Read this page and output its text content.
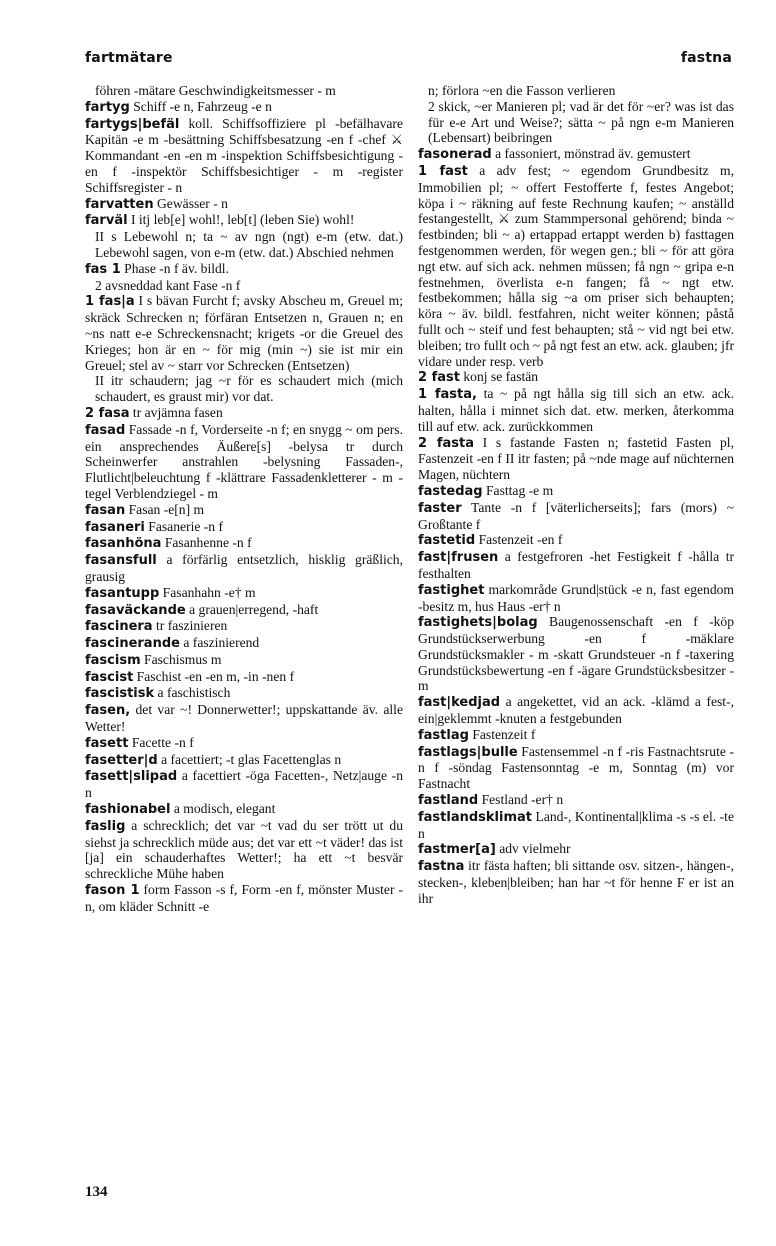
fartmätare	fastna

föhren -mätare Geschwindigkeitsmesser - m

fartyg Schiff -e n, Fahrzeug -e n

fartygs|befäl koll. Schiffsoffiziere pl -befälhavare Kapitän -e m -besättning Schiffsbesatzung -en f -chef ⚔ Kommandant -en -en m -inspektion Schiffsbesichtigung -en f -inspektör Schiffsbesichtiger - m -register Schiffsregister - n

farvatten Gewässer - n

farväl I itj leb[e] wohl!, leb[t] (leben Sie) wohl!

II s Lebewohl n; ta ~ av ngn (ngt) e-m (etw. dat.) Lebewohl sagen, von e-m (etw. dat.) Abschied nehmen

fas 1 Phase -n f äv. bildl.

2 avsneddad kant Fase -n f

1 fas|a I s bävan Furcht f; avsky Abscheu m, Greuel m; skräck Schrecken n; förfäran Entsetzen n, Grauen n; en ~ns natt e-e Schreckensnacht; krigets -or die Greuel des Krieges; hon är en ~ för mig (min ~) sie ist mir ein Greuel; stel av ~ starr vor Schrecken (Entsetzen)

II itr schaudern; jag ~r för es schaudert mich (mich schaudert, es graust mir) vor dat.

2 fasa tr avjämna fasen

fasad Fassade -n f, Vorderseite -n f; en snygg ~ om pers. ein ansprechendes Äußere[s] -belysa tr durch Scheinwerfer anstrahlen -belysning Fassaden-, Flutlicht|beleuchtung f -klättrare Fassadenkletterer - m -tegel Verblendziegel - m

fasan Fasan -e[n] m

fasaneri Fasanerie -n f

fasanhöna Fasanhenne -n f

fasansfull a förfärlig entsetzlich, hisklig gräßlich, grausig

fasantupp Fasanhahn -e† m

fasaväckande a grauen|erregend, -haft

fascinera tr faszinieren

fascinerande a faszinierend

fascism Faschismus m

fascist Faschist -en -en m, -in -nen f

fascistisk a faschistisch

fasen, det var ~! Donnerwetter!; uppskattande äv. alle Wetter!

fasett Facette -n f

fasetter|d a facettiert; -t glas Facettenglas n

fasett|slipad a facettiert -öga Facetten-, Netz|auge -n n

fashionabel a modisch, elegant

faslig a schrecklich; det var ~t vad du ser trött ut du siehst ja schrecklich müde aus; det var ett ~t väder! das ist [ja] ein schauderhaftes Wetter!; ha ett ~t besvär schreckliche Mühe haben

fason 1 form Fasson -s f, Form -en f, mönster Muster - n, om kläder Schnitt -e

n; förlora ~en die Fasson verlieren

2 skick, ~er Manieren pl; vad är det för ~er? was ist das für e-e Art und Weise?; sätta ~ på ngn e-m Manieren (Lebensart) beibringen

fasonerad a fassoniert, mönstrad äv. gemustert

1 fast a adv fest; ~ egendom Grundbesitz m, Immobilien pl; ~ offert Festofferte f, festes Angebot; köpa i ~ räkning auf feste Rechnung kaufen; ~ anställd festangestellt, ⚔ zum Stammpersonal gehörend; binda ~ festbinden; bli ~ a) ertappad ertappt werden b) fasttagen festgenommen werden, för wegen gen.; bli ~ för att göra ngt etw. auf sich ack. nehmen müssen; få ngn ~ gripa e-n festnehmen, överlista e-n fangen; få ~ ngt etw. festbekommen; hålla sig ~a om priser sich behaupten; köra ~ äv. bildl. festfahren, nicht weiter können; påstå fullt och ~ steif und fest behaupten; stå ~ vid ngt bei etw. bleiben; tro fullt och ~ på ngt fest an etw. ack. glauben; jfr vidare under resp. verb

2 fast konj se fastän

1 fasta, ta ~ på ngt hålla sig till sich an etw. ack. halten, hålla i minnet sich dat. etw. merken, återkomma till auf etw. ack. zurückkommen

2 fasta I s fastande Fasten n; fastetid Fasten pl, Fastenzeit -en f II itr fasten; på ~nde mage auf nüchternen Magen, nüchtern

fastedag Fasttag -e m

faster Tante -n f [väterlicherseits]; fars (mors) ~ Großtante f

fastetid Fastenzeit -en f

fast|frusen a festgefroren -het Festigkeit f -hålla tr festhalten

fastighet markområde Grund|stück -e n, fast egendom -besitz m, hus Haus -er† n

fastighets|bolag Baugenossenschaft -en f -köp Grundstückserwerbung -en f -mäklare Grundstücksmakler - m -skatt Grundsteuer -n f -taxering Grundstücksbewertung -en f -ägare Grundstücksbesitzer - m

fast|kedjad a angekettet, vid an ack. -klämd a fest-, ein|geklemmt -knuten a festgebunden

fastlag Fastenzeit f

fastlags|bulle Fastensemmel -n f -ris Fastnachtsrute -n f -söndag Fastensonntag -e m, Sonntag (m) vor Fastnacht

fastland Festland -er† n

fastlandsklimat Land-, Kontinental|klima -s -s el. -te n

fastmer[a] adv vielmehr

fastna itr fästa haften; bli sittande osv. sitzen-, hängen-, stecken-, kleben|bleiben; han har ~t för henne F er ist an ihr

134
